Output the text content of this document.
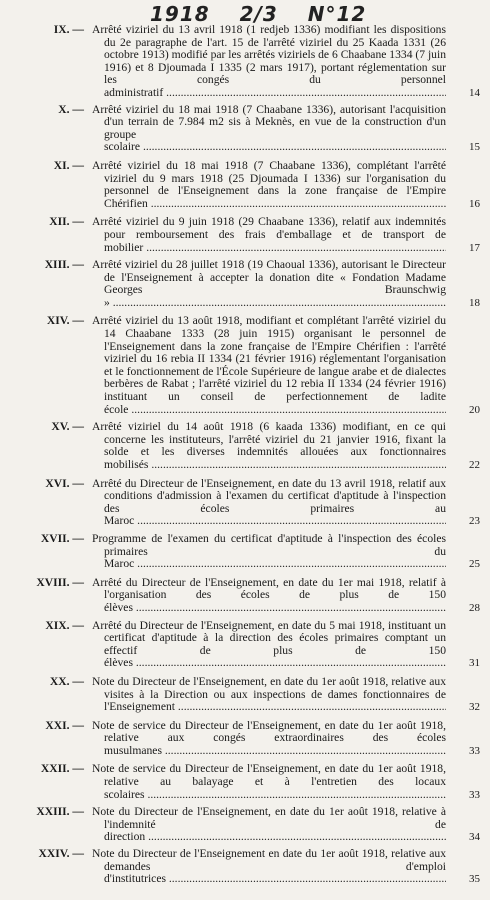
1918 2/3 N°12
IX. — Arrêté viziriel du 13 avril 1918 (1 redjeb 1336) modifiant les dispositions du 2e paragraphe de l'art. 15 de l'arrêté viziriel du 25 Kaada 1331 (26 octobre 1913) modifié par les arrêtés viziriels de 6 Chaabane 1334 (7 juin 1916) et 8 Djoumada I 1335 (2 mars 1917), portant réglementation sur les congés du personnel administratif .....	14
X. — Arrêté viziriel du 18 mai 1918 (7 Chaabane 1336), autorisant l'acquisition d'un terrain de 7.984 m2 sis à Meknès, en vue de la construction d'un groupe scolaire .....	15
XI. — Arrêté viziriel du 18 mai 1918 (7 Chaabane 1336), complétant l'arrêté viziriel du 9 mars 1918 (25 Djoumada I 1336) sur l'organisation du personnel de l'Enseignement dans la zone française de l'Empire Chérifien .....	16
XII. — Arrêté viziriel du 9 juin 1918 (29 Chaabane 1336), relatif aux indemnités pour remboursement des frais d'emballage et de transport de mobilier .....	17
XIII. — Arrêté viziriel du 28 juillet 1918 (19 Chaoual 1336), autorisant le Directeur de l'Enseignement à accepter la donation dite « Fondation Madame Georges Braunschwig » .....	18
XIV. — Arrêté viziriel du 13 août 1918, modifiant et complétant l'arrêté viziriel du 14 Chaabane 1333 (28 juin 1915) organisant le personnel de l'Enseignement dans la zone française de l'Empire Chérifien : l'arrêté viziriel du 16 rebia II 1334 (21 février 1916) réglementant l'organisation et le fonctionnement de l'École Supérieure de langue arabe et de dialectes berbères de Rabat ; l'arrêté viziriel du 12 rebia II 1334 (24 février 1916) instituant un conseil de perfectionnement de ladite école .....	20
XV. — Arrêté viziriel du 14 août 1918 (6 kaada 1336) modifiant, en ce qui concerne les instituteurs, l'arrêté viziriel du 21 janvier 1916, fixant la solde et les diverses indemnités allouées aux fonctionnaires mobilisés .....	22
XVI. — Arrêté du Directeur de l'Enseignement, en date du 13 avril 1918, relatif aux conditions d'admission à l'examen du certificat d'aptitude à l'inspection des écoles primaires au Maroc .....	23
XVII. — Programme de l'examen du certificat d'aptitude à l'inspection des écoles primaires du Maroc .....	25
XVIII. — Arrêté du Directeur de l'Enseignement, en date du 1er mai 1918, relatif à l'organisation des écoles de plus de 150 élèves .....	28
XIX. — Arrêté du Directeur de l'Enseignement, en date du 5 mai 1918, instituant un certificat d'aptitude à la direction des écoles primaires comptant un effectif de plus de 150 élèves .....	31
XX. — Note du Directeur de l'Enseignement, en date du 1er août 1918, relative aux visites à la Direction ou aux inspections de dames fonctionnaires de l'Enseignement .....	32
XXI. — Note de service du Directeur de l'Enseignement, en date du 1er août 1918, relative aux congés extraordinaires des écoles musulmanes .....	33
XXII. — Note de service du Directeur de l'Enseignement, en date du 1er août 1918, relative au balayage et à l'entretien des locaux scolaires .....	33
XXIII. — Note du Directeur de l'Enseignement, en date du 1er août 1918, relative à l'indemnité de direction .....	34
XXIV. — Note du Directeur de l'Enseignement en date du 1er août 1918, relative aux demandes d'emploi d'institutrices .....	35
